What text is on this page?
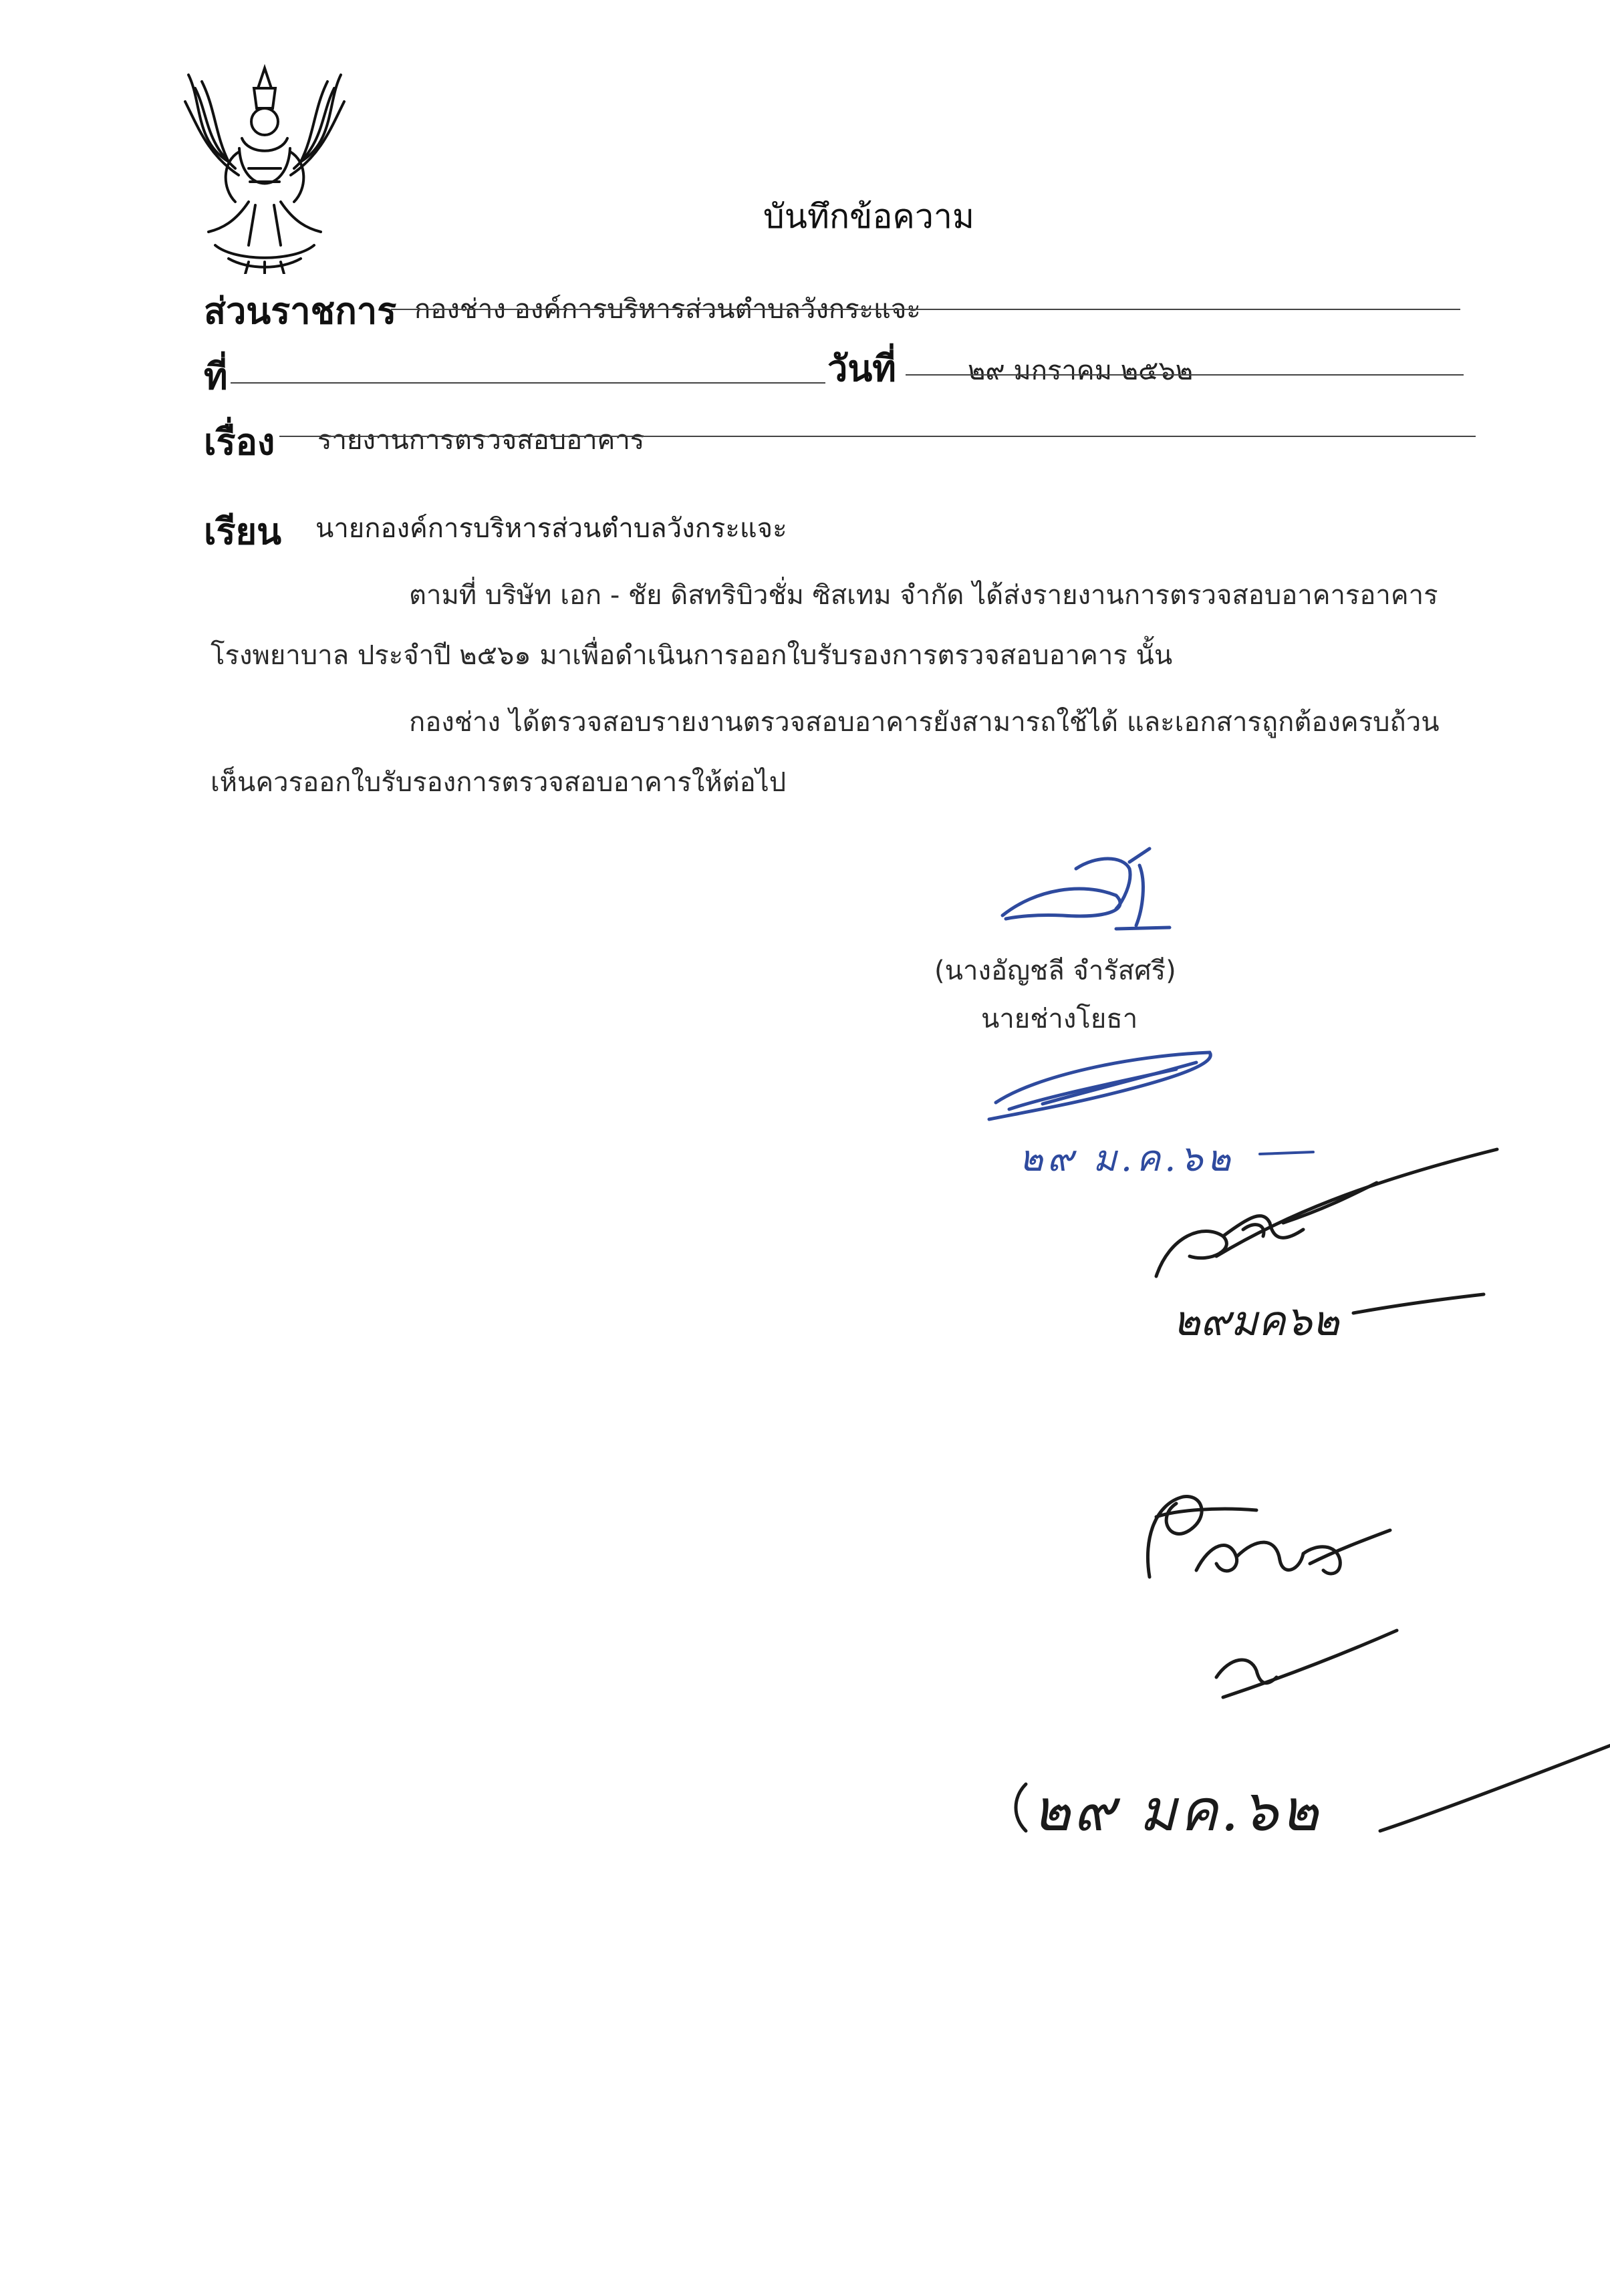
บันทึกข้อความ
ส่วนราชการ กองช่าง องค์การบริหารส่วนตำบลวังกระแจะ
ที่	วันที่	๒๙ มกราคม ๒๕๖๒
เรื่อง รายงานการตรวจสอบอาคาร
เรียน นายกองค์การบริหารส่วนตำบลวังกระแจะ
ตามที่ บริษัท เอก - ชัย ดิสทริบิวชั่ม ซิสเทม จำกัด ได้ส่งรายงานการตรวจสอบอาคารอาคาร
โรงพยาบาล ประจำปี ๒๕๖๑ มาเพื่อดำเนินการออกใบรับรองการตรวจสอบอาคาร นั้น
กองช่าง ได้ตรวจสอบรายงานตรวจสอบอาคารยังสามารถใช้ได้ และเอกสารถูกต้องครบถ้วน
เห็นควรออกใบรับรองการตรวจสอบอาคารให้ต่อไป
(นางอัญชลี จำรัสศรี)
นายช่างโยธา
๒๙ ม.ค.๖๒
๒๙มค๖๒
๒๙ มค.๖๒
